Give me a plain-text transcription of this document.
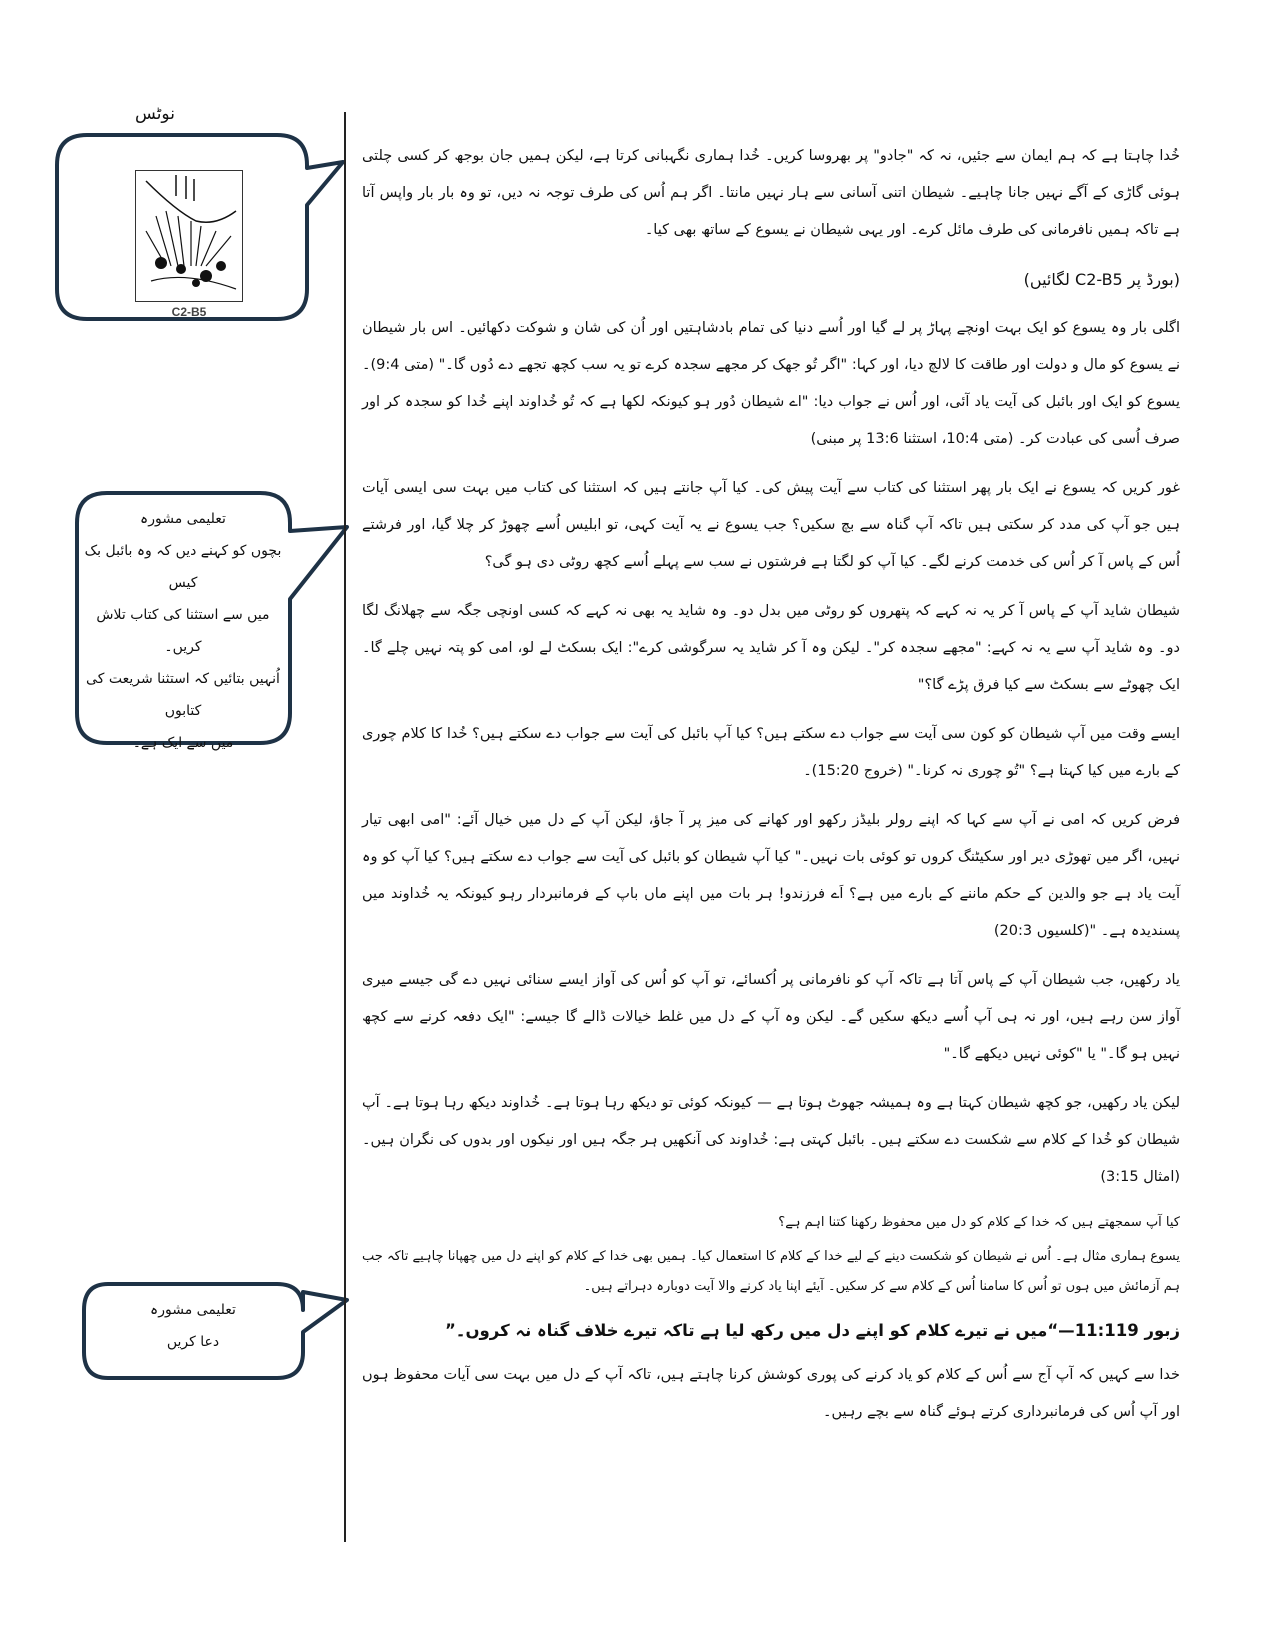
نوٹس
C2-B5
تعلیمی مشورہ
بچوں کو کہنے دیں کہ وہ بائبل بک کیس
میں سے استثنا کی کتاب تلاش کریں۔
اُنہیں بتائیں کہ استثنا شریعت کی کتابوں
میں سے ایک ہے۔
تعلیمی مشورہ
دعا کریں

خُدا چاہتا ہے کہ ہم ایمان سے جئیں، نہ کہ "جادو" پر بھروسا کریں۔ خُدا ہماری نگہبانی کرتا ہے، لیکن ہمیں جان بوجھ کر کسی چلتی ہوئی گاڑی کے آگے نہیں جانا چاہیے۔ شیطان اتنی آسانی سے ہار نہیں مانتا۔ اگر ہم اُس کی طرف توجہ نہ دیں، تو وہ بار بار واپس آتا ہے تاکہ ہمیں نافرمانی کی طرف مائل کرے۔ اور یہی شیطان نے یسوع کے ساتھ بھی کیا۔

(بورڈ پر C2-B5 لگائیں)

اگلی بار وہ یسوع کو ایک بہت اونچے پہاڑ پر لے گیا اور اُسے دنیا کی تمام بادشاہتیں اور اُن کی شان و شوکت دکھائیں۔ اس بار شیطان نے یسوع کو مال و دولت اور طاقت کا لالچ دیا، اور کہا: "اگر تُو جھک کر مجھے سجدہ کرے تو یہ سب کچھ تجھے دے دُوں گا۔" (متی 9:4)۔ یسوع کو ایک اور بائبل کی آیت یاد آئی، اور اُس نے جواب دیا: "اے شیطان دُور ہو کیونکہ لکھا ہے کہ تُو خُداوند اپنے خُدا کو سجدہ کر اور صرف اُسی کی عبادت کر۔ (متی 10:4، استثنا 13:6 پر مبنی)

غور کریں کہ یسوع نے ایک بار پھر استثنا کی کتاب سے آیت پیش کی۔ کیا آپ جانتے ہیں کہ استثنا کی کتاب میں بہت سی ایسی آیات ہیں جو آپ کی مدد کر سکتی ہیں تاکہ آپ گناہ سے بچ سکیں؟ جب یسوع نے یہ آیت کہی، تو ابلیس اُسے چھوڑ کر چلا گیا، اور فرشتے اُس کے پاس آ کر اُس کی خدمت کرنے لگے۔ کیا آپ کو لگتا ہے فرشتوں نے سب سے پہلے اُسے کچھ روٹی دی ہو گی؟

شیطان شاید آپ کے پاس آ کر یہ نہ کہے کہ پتھروں کو روٹی میں بدل دو۔ وہ شاید یہ بھی نہ کہے کہ کسی اونچی جگہ سے چھلانگ لگا دو۔ وہ شاید آپ سے یہ نہ کہے: "مجھے سجدہ کر"۔ لیکن وہ آ کر شاید یہ سرگوشی کرے": ایک بسکٹ لے لو، امی کو پتہ نہیں چلے گا۔ ایک چھوٹے سے بسکٹ سے کیا فرق پڑے گا؟"

ایسے وقت میں آپ شیطان کو کون سی آیت سے جواب دے سکتے ہیں؟ کیا آپ بائبل کی آیت سے جواب دے سکتے ہیں؟ خُدا کا کلام چوری کے بارے میں کیا کہتا ہے؟ "تُو چوری نہ کرنا۔" (خروج 15:20)۔

فرض کریں کہ امی نے آپ سے کہا کہ اپنے رولر بلیڈز رکھو اور کھانے کی میز پر آ جاؤ، لیکن آپ کے دل میں خیال آئے: "امی ابھی تیار نہیں، اگر میں تھوڑی دیر اور سکیٹنگ کروں تو کوئی بات نہیں۔" کیا آپ شیطان کو بائبل کی آیت سے جواب دے سکتے ہیں؟ کیا آپ کو وہ آیت یاد ہے جو والدین کے حکم ماننے کے بارے میں ہے؟ اَے فرزندو! ہر بات میں اپنے ماں باپ کے فرمانبردار رہو کیونکہ یہ خُداوند میں پسندیدہ ہے۔ "(کلسیوں 20:3)

یاد رکھیں، جب شیطان آپ کے پاس آتا ہے تاکہ آپ کو نافرمانی پر اُکسائے، تو آپ کو اُس کی آواز ایسے سنائی نہیں دے گی جیسے میری آواز سن رہے ہیں، اور نہ ہی آپ اُسے دیکھ سکیں گے۔ لیکن وہ آپ کے دل میں غلط خیالات ڈالے گا جیسے: "ایک دفعہ کرنے سے کچھ نہیں ہو گا۔" یا "کوئی نہیں دیکھے گا۔"

لیکن یاد رکھیں، جو کچھ شیطان کہتا ہے وہ ہمیشہ جھوٹ ہوتا ہے — کیونکہ کوئی تو دیکھ رہا ہوتا ہے۔ خُداوند دیکھ رہا ہوتا ہے۔ آپ شیطان کو خُدا کے کلام سے شکست دے سکتے ہیں۔ بائبل کہتی ہے: خُداوند کی آنکھیں ہر جگہ ہیں اور نیکوں اور بدوں کی نگران ہیں۔ (امثال 3:15)

کیا آپ سمجھتے ہیں کہ خدا کے کلام کو دل میں محفوظ رکھنا کتنا اہم ہے؟

یسوع ہماری مثال ہے۔ اُس نے شیطان کو شکست دینے کے لیے خدا کے کلام کا استعمال کیا۔ ہمیں بھی خدا کے کلام کو اپنے دل میں چھپانا چاہیے تاکہ جب ہم آزمائش میں ہوں تو اُس کا سامنا اُس کے کلام سے کر سکیں۔ آیئے اپنا یاد کرنے والا آیت دوبارہ دہراتے ہیں۔

زبور 11:119—“میں نے تیرے کلام کو اپنے دل میں رکھ لیا ہے تاکہ تیرے خلاف گناہ نہ کروں۔”

خدا سے کہیں کہ آپ آج سے اُس کے کلام کو یاد کرنے کی پوری کوشش کرنا چاہتے ہیں، تاکہ آپ کے دل میں بہت سی آیات محفوظ ہوں اور آپ اُس کی فرمانبرداری کرتے ہوئے گناہ سے بچے رہیں۔
